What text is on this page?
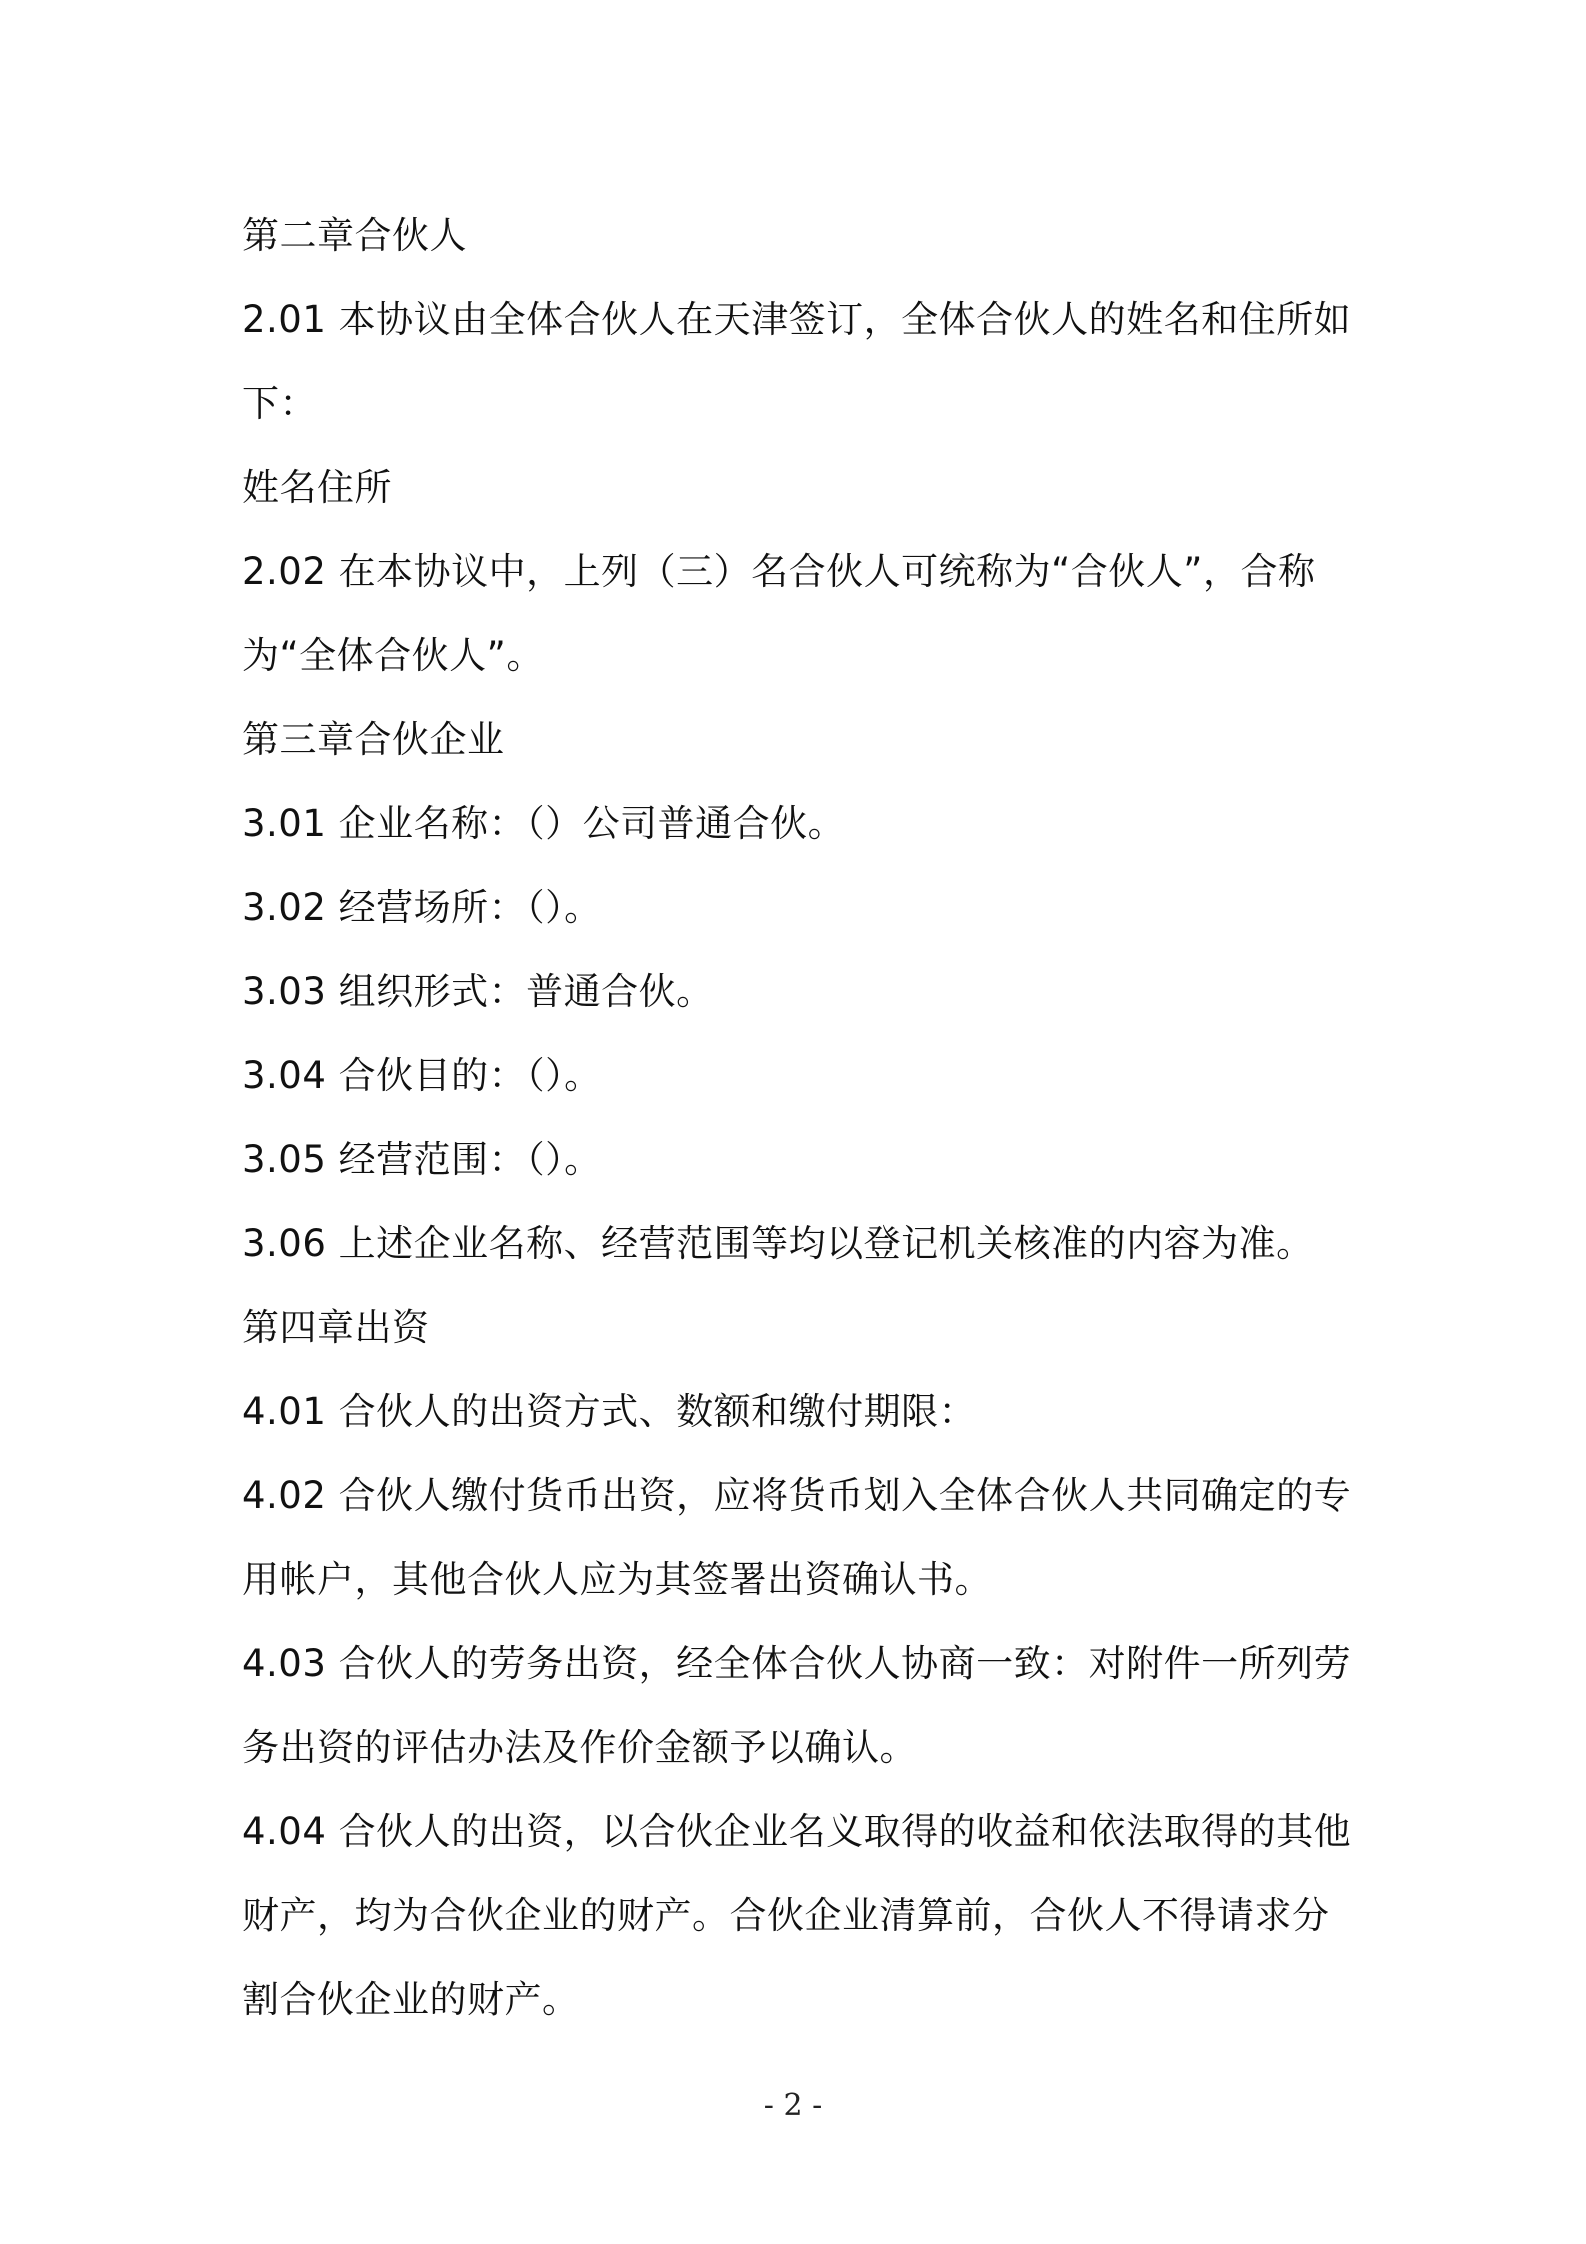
第二章合伙人

2.01 本协议由全体合伙人在天津签订，全体合伙人的姓名和住所如下：

姓名住所

2.02 在本协议中，上列（三）名合伙人可统称为“合伙人”，合称为“全体合伙人”。

第三章合伙企业

3.01 企业名称：（）公司普通合伙。

3.02 经营场所：（）。

3.03 组织形式：普通合伙。

3.04 合伙目的：（）。

3.05 经营范围：（）。

3.06 上述企业名称、经营范围等均以登记机关核准的内容为准。

第四章出资

4.01 合伙人的出资方式、数额和缴付期限：

4.02 合伙人缴付货币出资，应将货币划入全体合伙人共同确定的专用帐户，其他合伙人应为其签署出资确认书。

4.03 合伙人的劳务出资，经全体合伙人协商一致：对附件一所列劳务出资的评估办法及作价金额予以确认。

4.04 合伙人的出资，以合伙企业名义取得的收益和依法取得的其他财产，均为合伙企业的财产。合伙企业清算前，合伙人不得请求分割合伙企业的财产。

- 2 -
